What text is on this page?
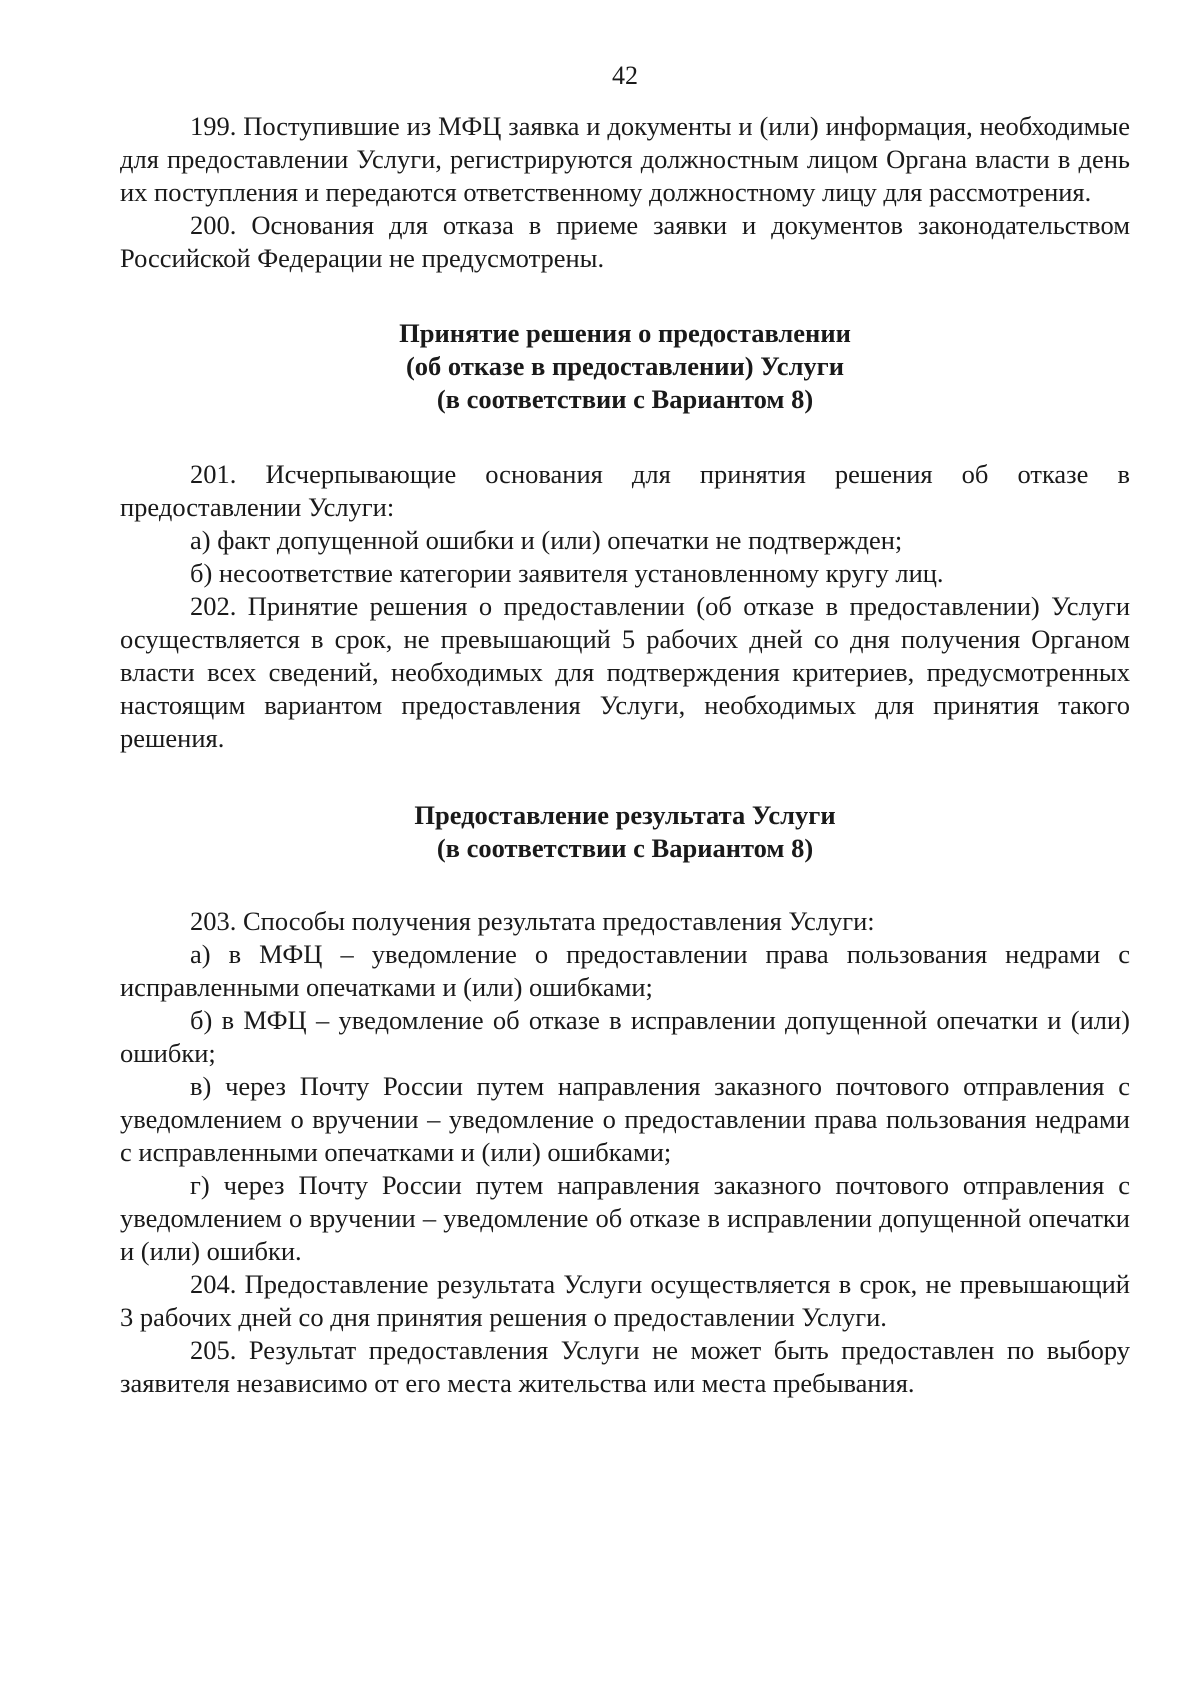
42

199. Поступившие из МФЦ заявка и документы и (или) информация, необходимые для предоставлении Услуги, регистрируются должностным лицом Органа власти в день их поступления и передаются ответственному должностному лицу для рассмотрения.

200. Основания для отказа в приеме заявки и документов законодательством Российской Федерации не предусмотрены.

Принятие решения о предоставлении

(об отказе в предоставлении) Услуги

(в соответствии с Вариантом 8)

201. Исчерпывающие основания для принятия решения об отказе в предоставлении Услуги:

а) факт допущенной ошибки и (или) опечатки не подтвержден;

б) несоответствие категории заявителя установленному кругу лиц.

202. Принятие решения о предоставлении (об отказе в предоставлении) Услуги осуществляется в срок, не превышающий 5 рабочих дней со дня получения Органом власти всех сведений, необходимых для подтверждения критериев, предусмотренных настоящим вариантом предоставления Услуги, необходимых для принятия такого решения.

Предоставление результата Услуги

(в соответствии с Вариантом 8)

203. Способы получения результата предоставления Услуги:

а) в МФЦ – уведомление о предоставлении права пользования недрами с исправленными опечатками и (или) ошибками;

б) в МФЦ – уведомление об отказе в исправлении допущенной опечатки и (или) ошибки;

в) через Почту России путем направления заказного почтового отправления с уведомлением о вручении – уведомление о предоставлении права пользования недрами с исправленными опечатками и (или) ошибками;

г) через Почту России путем направления заказного почтового отправления с уведомлением о вручении – уведомление об отказе в исправлении допущенной опечатки и (или) ошибки.

204. Предоставление результата Услуги осуществляется в срок, не превышающий 3 рабочих дней со дня принятия решения о предоставлении Услуги.

205. Результат предоставления Услуги не может быть предоставлен по выбору заявителя независимо от его места жительства или места пребывания.
